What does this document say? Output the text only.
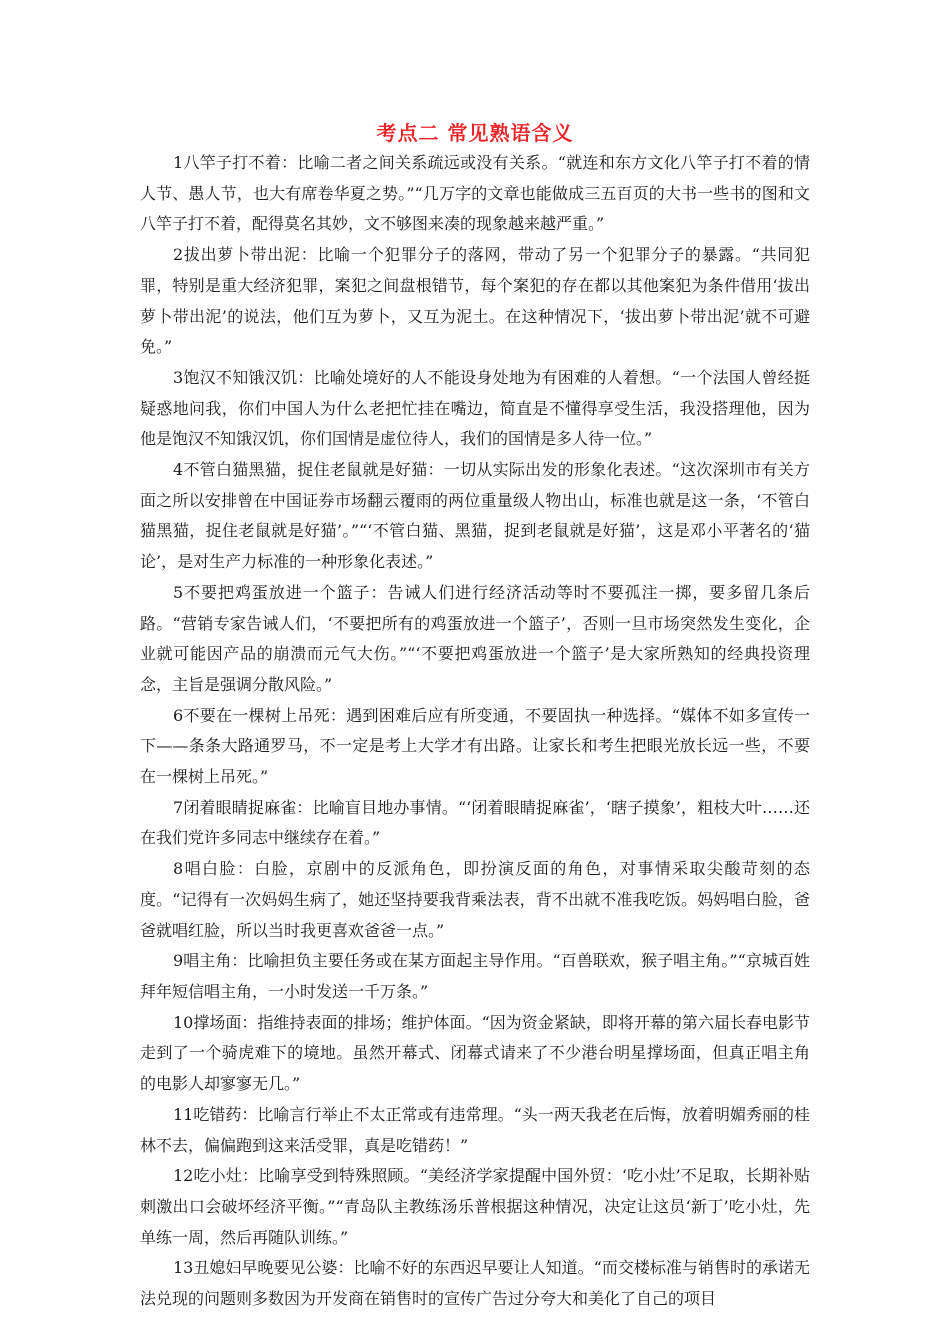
考点二 常见熟语含义

1八竿子打不着：比喻二者之间关系疏远或没有关系。“就连和东方文化八竿子打不着的情人节、愚人节，也大有席卷华夏之势。”“几万字的文章也能做成三五百页的大书一些书的图和文八竿子打不着，配得莫名其妙，文不够图来凑的现象越来越严重。”

2拔出萝卜带出泥：比喻一个犯罪分子的落网，带动了另一个犯罪分子的暴露。“共同犯罪，特别是重大经济犯罪，案犯之间盘根错节，每个案犯的存在都以其他案犯为条件借用‘拔出萝卜带出泥’的说法，他们互为萝卜，又互为泥土。在这种情况下，‘拔出萝卜带出泥’就不可避免。”

3饱汉不知饿汉饥：比喻处境好的人不能设身处地为有困难的人着想。“一个法国人曾经挺疑惑地问我，你们中国人为什么老把忙挂在嘴边，简直是不懂得享受生活，我没搭理他，因为他是饱汉不知饿汉饥，你们国情是虚位待人，我们的国情是多人待一位。”

4不管白猫黑猫，捉住老鼠就是好猫：一切从实际出发的形象化表述。“这次深圳市有关方面之所以安排曾在中国证券市场翻云覆雨的两位重量级人物出山，标准也就是这一条，‘不管白猫黑猫，捉住老鼠就是好猫’。”“‘不管白猫、黑猫，捉到老鼠就是好猫’，这是邓小平著名的‘猫论’，是对生产力标准的一种形象化表述。”

5不要把鸡蛋放进一个篮子：告诫人们进行经济活动等时不要孤注一掷，要多留几条后路。“营销专家告诫人们，‘不要把所有的鸡蛋放进一个篮子’，否则一旦市场突然发生变化，企业就可能因产品的崩溃而元气大伤。”“‘不要把鸡蛋放进一个篮子’是大家所熟知的经典投资理念，主旨是强调分散风险。”

6不要在一棵树上吊死：遇到困难后应有所变通，不要固执一种选择。“媒体不如多宣传一下——条条大路通罗马，不一定是考上大学才有出路。让家长和考生把眼光放长远一些，不要在一棵树上吊死。”

7闭着眼睛捉麻雀：比喻盲目地办事情。“‘闭着眼睛捉麻雀’，‘瞎子摸象’，粗枝大叶……还在我们党许多同志中继续存在着。”

8唱白脸：白脸，京剧中的反派角色，即扮演反面的角色，对事情采取尖酸苛刻的态度。“记得有一次妈妈生病了，她还坚持要我背乘法表，背不出就不准我吃饭。妈妈唱白脸，爸爸就唱红脸，所以当时我更喜欢爸爸一点。”

9唱主角：比喻担负主要任务或在某方面起主导作用。“百兽联欢，猴子唱主角。”“京城百姓拜年短信唱主角，一小时发送一千万条。”

10撑场面：指维持表面的排场；维护体面。“因为资金紧缺，即将开幕的第六届长春电影节走到了一个骑虎难下的境地。虽然开幕式、闭幕式请来了不少港台明星撑场面，但真正唱主角的电影人却寥寥无几。”

11吃错药：比喻言行举止不太正常或有违常理。“头一两天我老在后悔，放着明媚秀丽的桂林不去，偏偏跑到这来活受罪，真是吃错药！”

12吃小灶：比喻享受到特殊照顾。“美经济学家提醒中国外贸：‘吃小灶’不足取，长期补贴刺激出口会破坏经济平衡。”“青岛队主教练汤乐普根据这种情况，决定让这员‘新丁’吃小灶，先单练一周，然后再随队训练。”

13丑媳妇早晚要见公婆：比喻不好的东西迟早要让人知道。“而交楼标准与销售时的承诺无法兑现的问题则多数因为开发商在销售时的宣传广告过分夸大和美化了自己的项目
